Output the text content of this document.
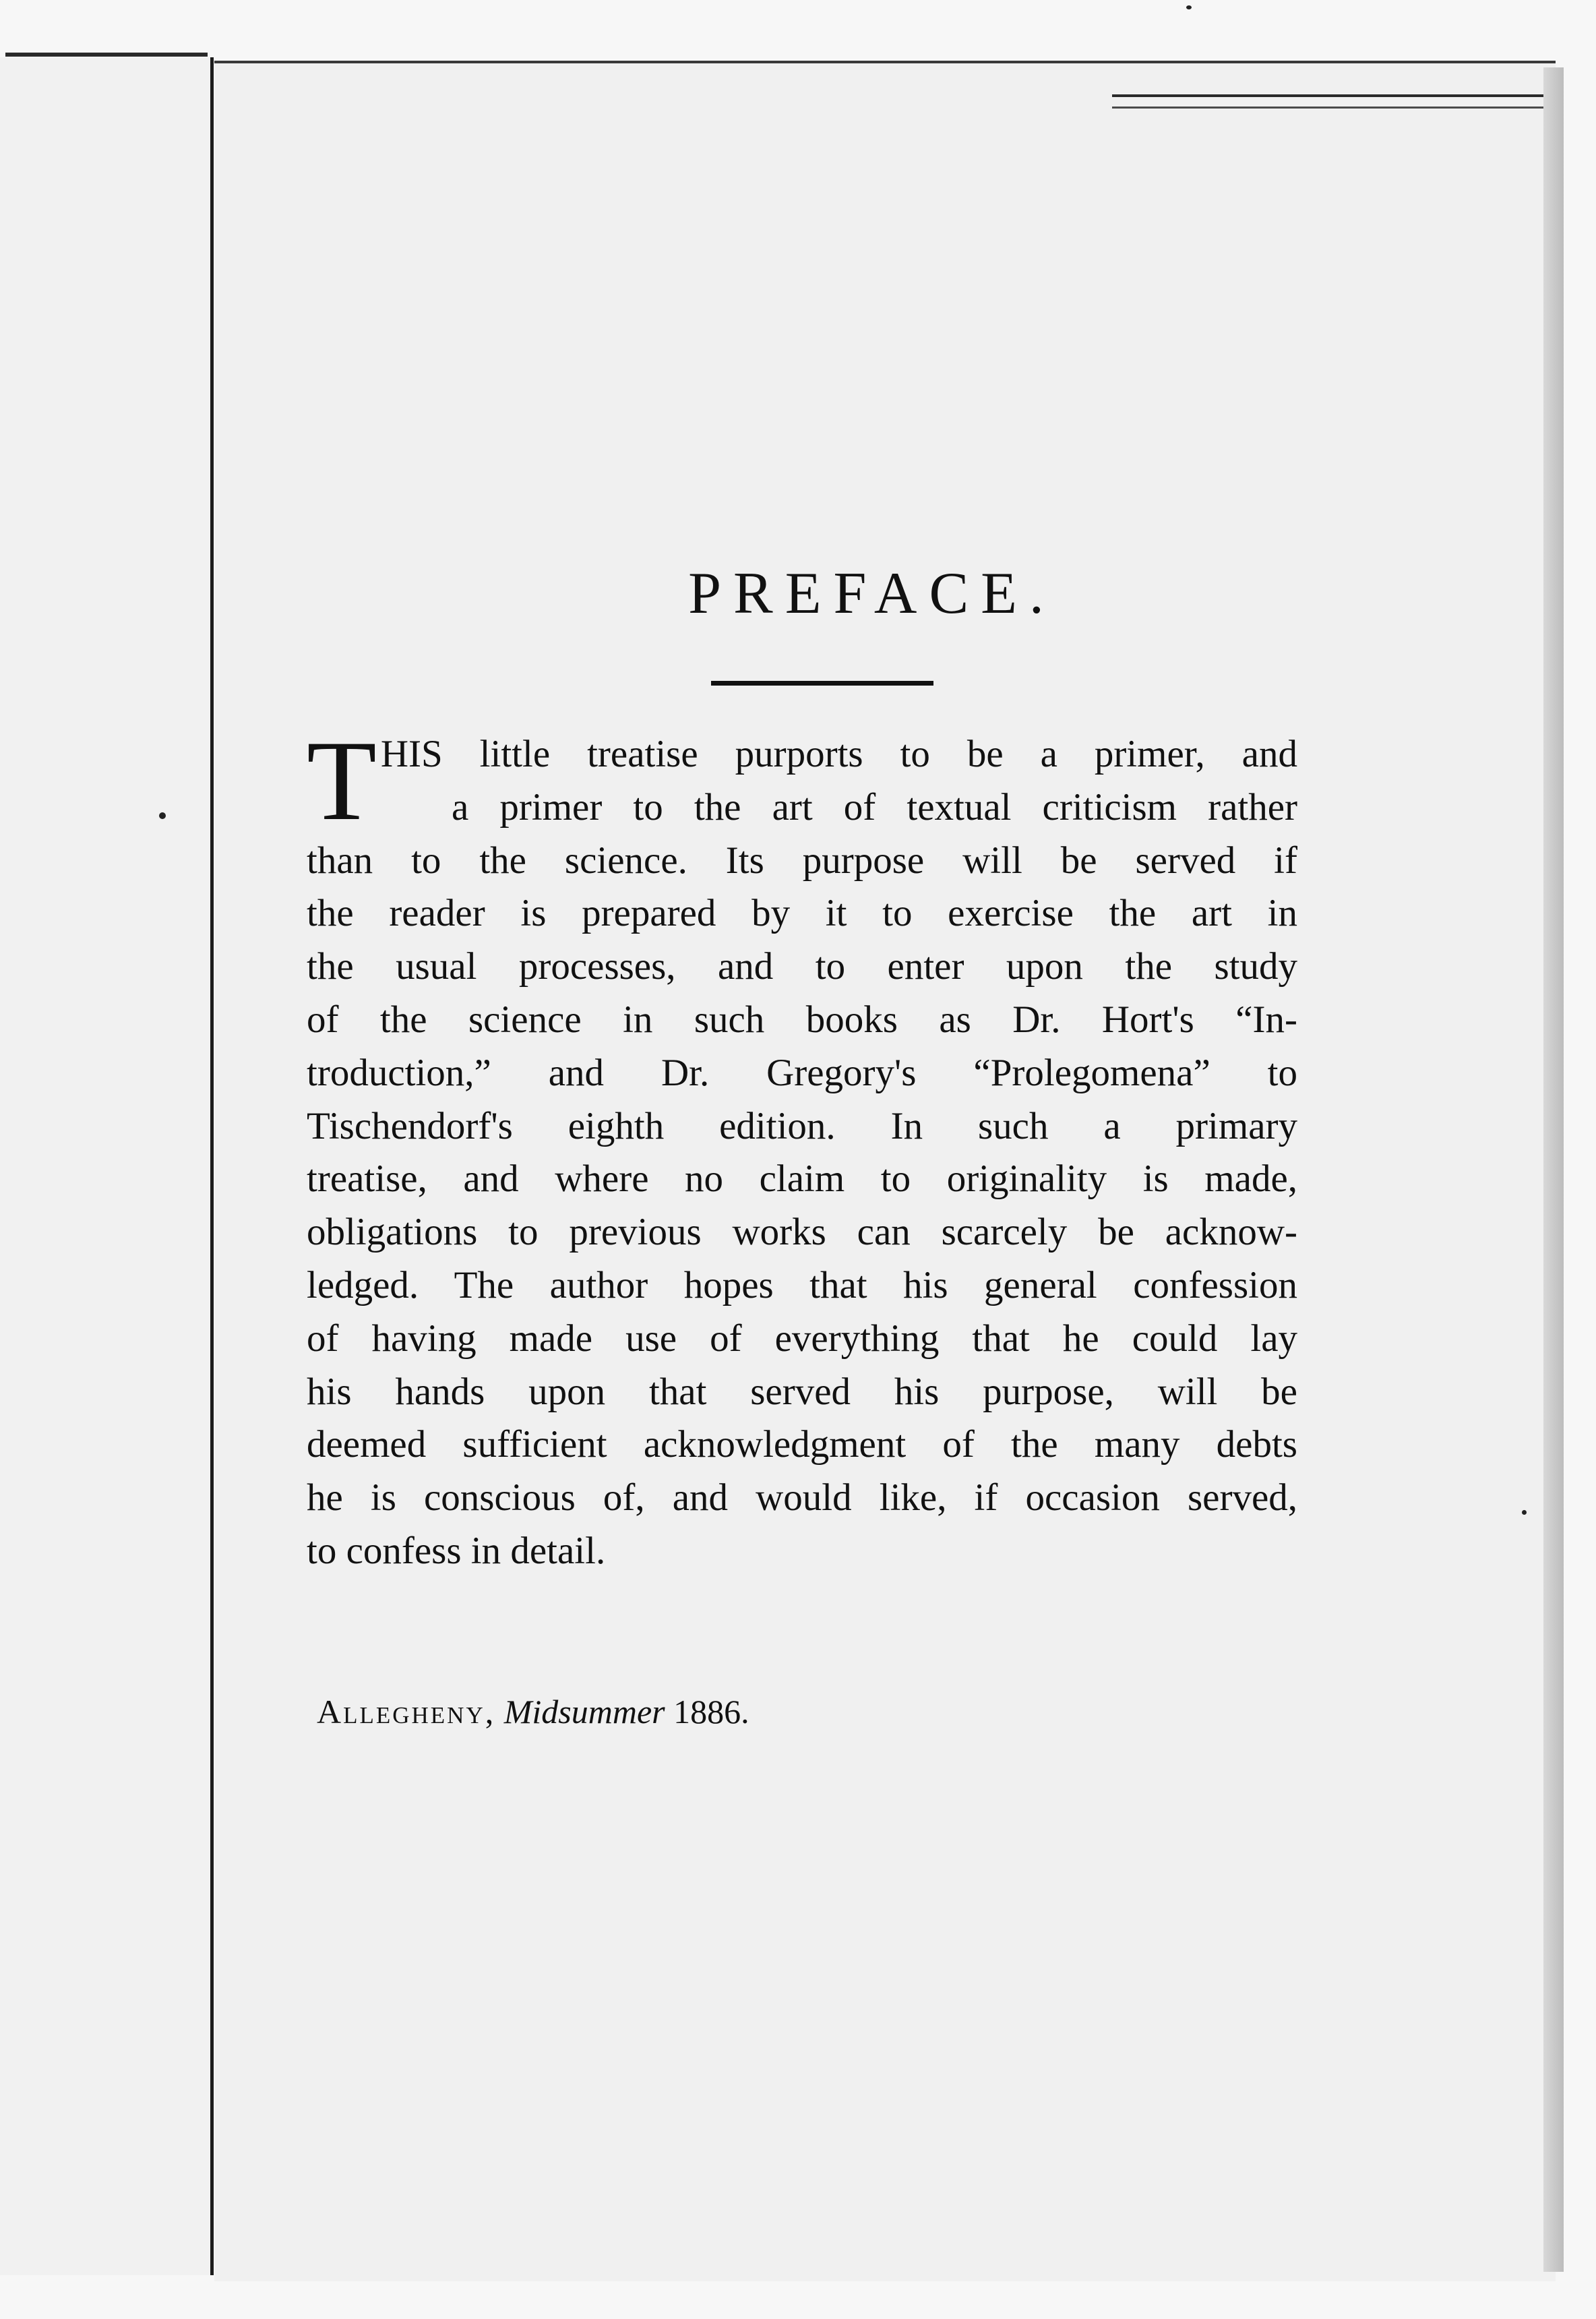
PREFACE.
T HIS little treatise purports to be a primer, and
a primer to the art of textual criticism rather
than to the science. Its purpose will be served if
the reader is prepared by it to exercise the art in
the usual processes, and to enter upon the study
of the science in such books as Dr. Hort's “In-
troduction,” and Dr. Gregory's “Prolegomena” to
Tischendorf's eighth edition. In such a primary
treatise, and where no claim to originality is made,
obligations to previous works can scarcely be acknow-
ledged. The author hopes that his general confession
of having made use of everything that he could lay
his hands upon that served his purpose, will be
deemed sufficient acknowledgment of the many debts
he is conscious of, and would like, if occasion served,
to confess in detail.
Allegheny, Midsummer 1886.
